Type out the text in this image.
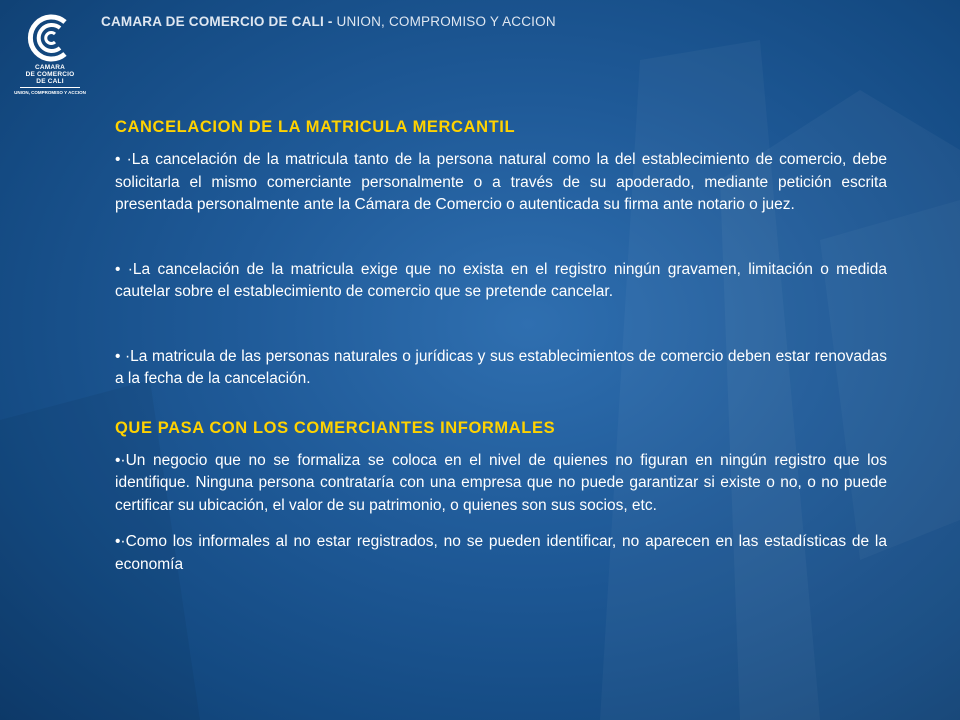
CAMARA
DE COMERCIO
DE CALI
UNION, COMPROMISO Y ACCION
CAMARA DE COMERCIO DE CALI - UNION, COMPROMISO Y ACCION
CANCELACION DE LA MATRICULA MERCANTIL

• ·La cancelación de la matricula tanto de la persona natural como la del establecimiento de comercio, debe solicitarla el mismo comerciante personalmente o a través de su apoderado, mediante petición escrita presentada personalmente ante la Cámara de Comercio o autenticada su firma ante notario o juez.

• ·La cancelación de la matricula exige que no exista en el registro ningún gravamen, limitación o medida cautelar sobre el establecimiento de comercio que se pretende cancelar.

• ·La matricula de las personas naturales o jurídicas y sus establecimientos de comercio deben estar renovadas a la fecha de la cancelación.

QUE PASA CON LOS COMERCIANTES INFORMALES

•·Un negocio que no se formaliza se coloca en el nivel de quienes no figuran en ningún registro que los identifique. Ninguna persona contrataría con una empresa que no puede garantizar si existe o no, o no puede certificar su ubicación, el valor de su patrimonio, o quienes son sus socios, etc.

•·Como los informales al no estar registrados, no se pueden identificar, no aparecen en las estadísticas de la economía
